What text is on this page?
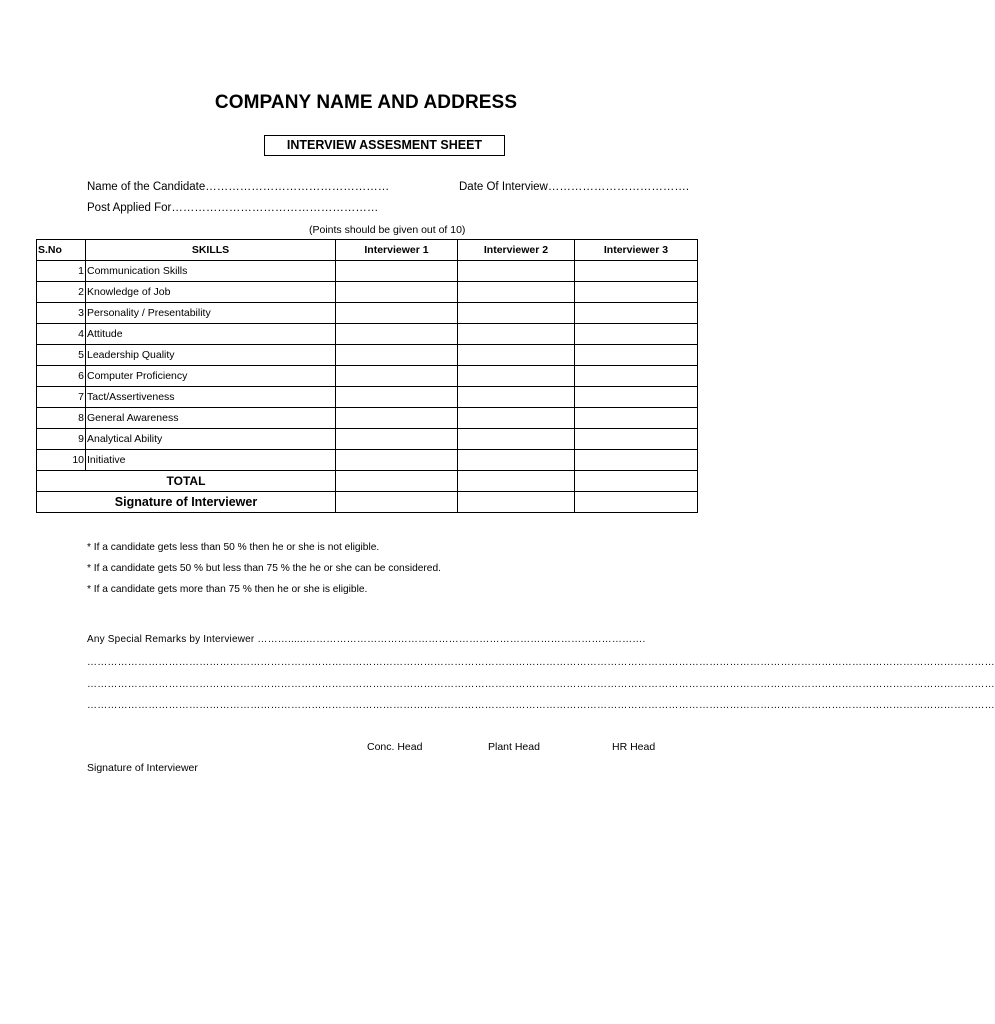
COMPANY NAME AND ADDRESS
INTERVIEW ASSESMENT SHEET
Name of the Candidate…………………………………………	Date Of Interview……………………………….
Post Applied For………………………………………………
(Points should be given out of 10)
S.No	SKILLS	Interviewer 1	Interviewer 2	Interviewer 3
1	Communication Skills			
2	Knowledge of Job			
3	Personality / Presentability			
4	Attitude			
5	Leadership Quality			
6	Computer Proficiency			
7	Tact/Assertiveness			
8	General Awareness			
9	Analytical Ability			
10	Initiative			
TOTAL				
Signature of Interviewer				
* If a candidate gets less than 50 % then he or she is not eligible.
* If a candidate gets 50 % but less than 75 % the he or she can be considered.
* If a candidate gets more than 75 % then he or she is eligible.
Any Special Remarks by Interviewer ………......……………………………………………………………………………………….
……………………………………………………………………………………………………………………………………………………………………………………………………………………………………………
……………………………………………………………………………………………………………………………………………………………………………………………………………………………………………
……………………………………………………………………………………………………………………………………………………………………………………………………………………………………………
Conc. Head	Plant Head	HR Head
Signature of Interviewer
